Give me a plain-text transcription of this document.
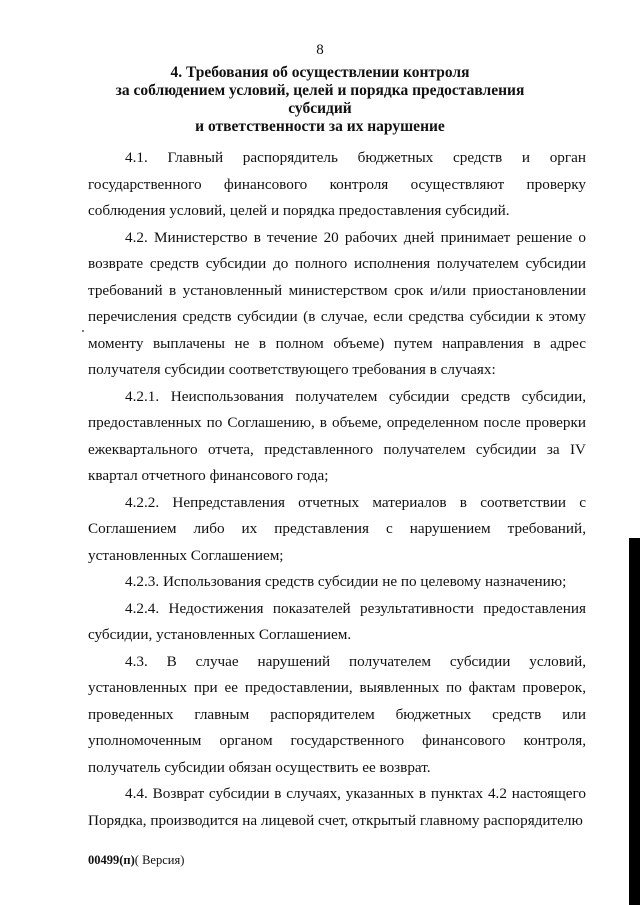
8
4. Требования об осуществлении контроля
за соблюдением условий, целей и порядка предоставления субсидий
и ответственности за их нарушение

4.1. Главный распорядитель бюджетных средств и орган государственного финансового контроля осуществляют проверку соблюдения условий, целей и порядка предоставления субсидий.

4.2. Министерство в течение 20 рабочих дней принимает решение о возврате средств субсидии до полного исполнения получателем субсидии требований в установленный министерством срок и/или приостановлении перечисления средств субсидии (в случае, если средства субсидии к этому моменту выплачены не в полном объеме) путем направления в адрес получателя субсидии соответствующего требования в случаях:

4.2.1. Неиспользования получателем субсидии средств субсидии, предоставленных по Соглашению, в объеме, определенном после проверки ежеквартального отчета, представленного получателем субсидии за IV квартал отчетного финансового года;

4.2.2. Непредставления отчетных материалов в соответствии с Соглашением либо их представления с нарушением требований, установленных Соглашением;

4.2.3. Использования средств субсидии не по целевому назначению;

4.2.4. Недостижения показателей результативности предоставления субсидии, установленных Соглашением.

4.3. В случае нарушений получателем субсидии условий, установленных при ее предоставлении, выявленных по фактам проверок, проведенных главным распорядителем бюджетных средств или уполномоченным органом государственного финансового контроля, получатель субсидии обязан осуществить ее возврат.

4.4. Возврат субсидии в случаях, указанных в пунктах 4.2 настоящего Порядка, производится на лицевой счет, открытый главному распорядителю

00499(п)( Версия)
